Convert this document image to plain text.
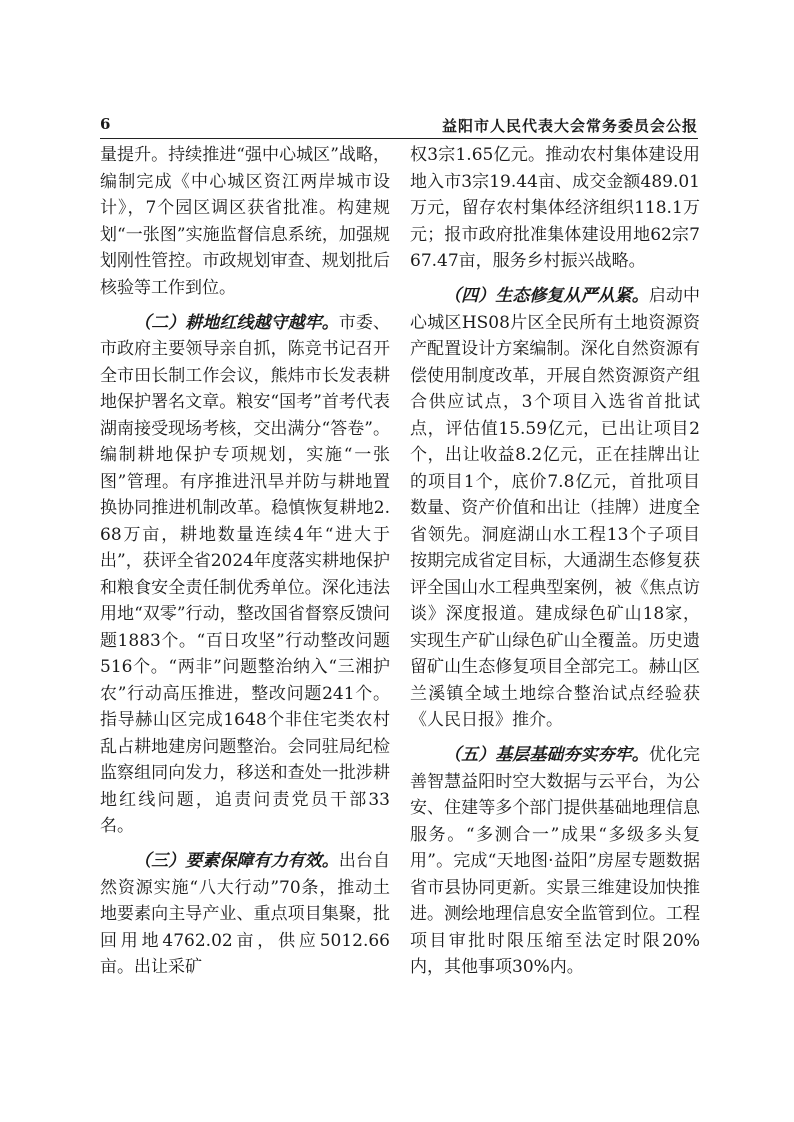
6	益阳市人民代表大会常务委员会公报

量提升。持续推进“强中心城区”战略，编制完成《中心城区资江两岸城市设计》，7个园区调区获省批准。构建规划“一张图”实施监督信息系统，加强规划刚性管控。市政规划审查、规划批后核验等工作到位。

（二）耕地红线越守越牢。市委、市政府主要领导亲自抓，陈竞书记召开全市田长制工作会议，熊炜市长发表耕地保护署名文章。粮安“国考”首考代表湖南接受现场考核，交出满分“答卷”。编制耕地保护专项规划，实施“一张图”管理。有序推进汛旱并防与耕地置换协同推进机制改革。稳慎恢复耕地2.68万亩，耕地数量连续4年“进大于出”，获评全省2024年度落实耕地保护和粮食安全责任制优秀单位。深化违法用地“双零”行动，整改国省督察反馈问题1883个。“百日攻坚”行动整改问题516个。“两非”问题整治纳入“三湘护农”行动高压推进，整改问题241个。指导赫山区完成1648个非住宅类农村乱占耕地建房问题整治。会同驻局纪检监察组同向发力，移送和查处一批涉耕地红线问题，追责问责党员干部33名。

（三）要素保障有力有效。出台自然资源实施“八大行动”70条，推动土地要素向主导产业、重点项目集聚，批回用地4762.02亩，供应5012.66亩。出让采矿

权3宗1.65亿元。推动农村集体建设用地入市3宗19.44亩、成交金额489.01万元，留存农村集体经济组织118.1万元；报市政府批准集体建设用地62宗767.47亩，服务乡村振兴战略。

（四）生态修复从严从紧。启动中心城区HS08片区全民所有土地资源资产配置设计方案编制。深化自然资源有偿使用制度改革，开展自然资源资产组合供应试点，3个项目入选省首批试点，评估值15.59亿元，已出让项目2个，出让收益8.2亿元，正在挂牌出让的项目1个，底价7.8亿元，首批项目数量、资产价值和出让（挂牌）进度全省领先。洞庭湖山水工程13个子项目按期完成省定目标，大通湖生态修复获评全国山水工程典型案例，被《焦点访谈》深度报道。建成绿色矿山18家，实现生产矿山绿色矿山全覆盖。历史遗留矿山生态修复项目全部完工。赫山区兰溪镇全域土地综合整治试点经验获《人民日报》推介。

（五）基层基础夯实夯牢。优化完善智慧益阳时空大数据与云平台，为公安、住建等多个部门提供基础地理信息服务。“多测合一”成果“多级多头复用”。完成“天地图·益阳”房屋专题数据省市县协同更新。实景三维建设加快推进。测绘地理信息安全监管到位。工程项目审批时限压缩至法定时限20%内，其他事项30%内。
